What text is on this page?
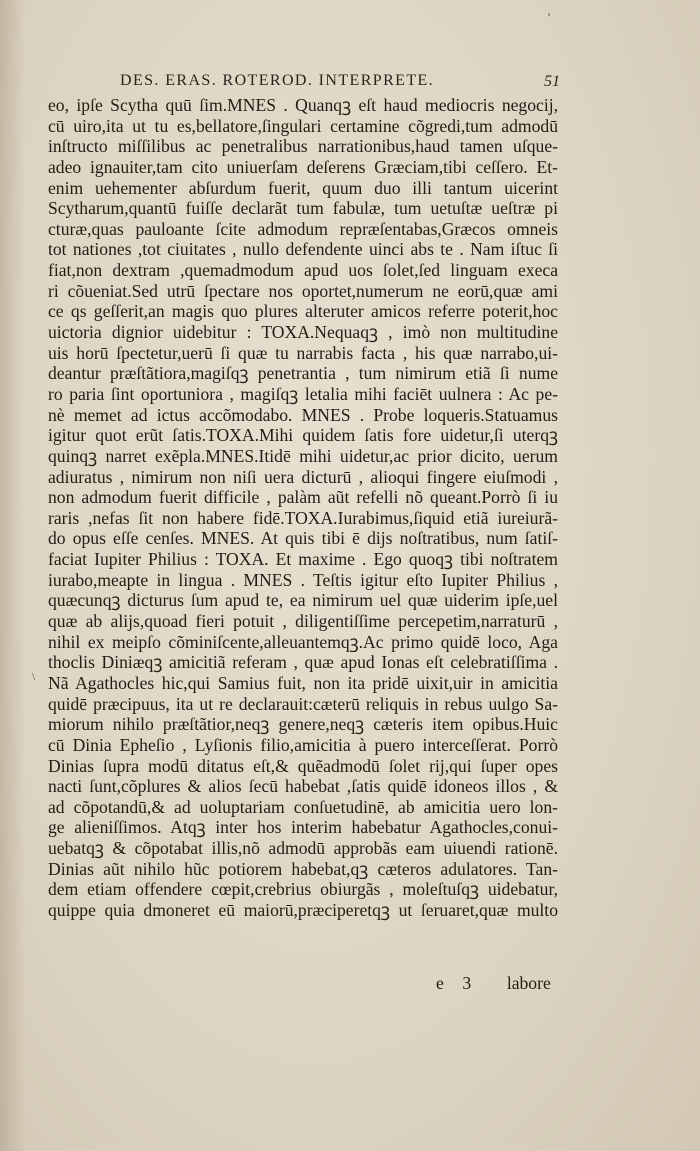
'
DES. ERAS. ROTEROD. INTERPRETE.	51
\
eo, ipſe Scytha quū ſim.MNES . Quanqꝫ eſt haud mediocris negocij,
cū uiro,ita ut tu es,bellatore,ſingulari certamine cõgredi,tum admodū
inſtructo miſſilibus ac penetralibus narrationibus,haud tamen uſque-
adeo ignauiter,tam cito uniuerſam deſerens Græciam,tibi ceſſero. Et-
enim uehementer abſurdum fuerit, quum duo illi tantum uicerint
Scytharum,quantū fuiſſe declarãt tum fabulæ, tum uetuſtæ ueſtræ pi
cturæ,quas pauloante ſcite admodum repræſentabas,Græcos omneis
tot nationes ,tot ciuitates , nullo defendente uinci abs te . Nam iſtuc ſi
fiat,non dextram ,quemadmodum apud uos ſolet,ſed linguam execa
ri cõueniat.Sed utrū ſpectare nos oportet,numerum ne eorū,quæ ami
ce qs geſſerit,an magis quo plures alteruter amicos referre poterit,hoc
uictoria dignior uidebitur : TOXA.Nequaqꝫ , imò non multitudine
uis horū ſpectetur,uerū ſi quæ tu narrabis facta , his quæ narrabo,ui-
deantur præſtãtiora,magiſqꝫ penetrantia , tum nimirum etiã ſi nume
ro paria ſint oportuniora , magiſqꝫ letalia mihi faciēt uulnera : Ac pe-
nè memet ad ictus accõmodabo. MNES . Probe loqueris.Statuamus
igitur quot erũt ſatis.TOXA.Mihi quidem ſatis fore uidetur,ſi uterqꝫ
quinqꝫ narret exẽpla.MNES.Itidē mihi uidetur,ac prior dicito, uerum
adiuratus , nimirum non niſi uera dicturū , alioqui fingere eiuſmodi ,
non admodum fuerit difficile , palàm aũt refelli nõ queant.Porrò ſi iu
raris ,nefas ſit non habere fidē.TOXA.Iurabimus,ſiquid etiã iureiurã-
do opus eſſe cenſes. MNES. At quis tibi ē dijs noſtratibus, num ſatiſ-
faciat Iupiter Philius : TOXA. Et maxime . Ego quoqꝫ tibi noſtratem
iurabo,meapte in lingua . MNES . Teſtis igitur eſto Iupiter Philius ,
quæcunqꝫ dicturus ſum apud te, ea nimirum uel quæ uiderim ipſe,uel
quæ ab alijs,quoad fieri potuit , diligentiſſime percepetim,narraturū ,
nihil ex meipſo cõminiſcente,alleuantemqꝫ.Ac primo quidē loco, Aga
thoclis Diniæqꝫ amicitiã referam , quæ apud Ionas eſt celebratiſſima .
Nã Agathocles hic,qui Samius fuit, non ita pridē uixit,uir in amicitia
quidē præcipuus, ita ut re declarauit:cæterū reliquis in rebus uulgo Sa-
miorum nihilo præſtãtior,neqꝫ genere,neqꝫ cæteris item opibus.Huic
cū Dinia Epheſio , Lyſionis filio,amicitia à puero interceſſerat. Porrò
Dinias ſupra modū ditatus eſt,& quẽadmodū ſolet rĳ,qui ſuper opes
nacti ſunt,cõplures & alios ſecū habebat ,ſatis quidē idoneos illos , &
ad cõpotandū,& ad uoluptariam conſuetudinē, ab amicitia uero lon-
ge alieniſſimos. Atqꝫ inter hos interim habebatur Agathocles,conui-
uebatqꝫ & cõpotabat illis,nõ admodū approbãs eam uiuendi rationē.
Dinias aũt nihilo hũc potiorem habebat,qꝫ cæteros adulatores. Tan-
dem etiam offendere cœpit,crebrius obiurgãs , moleſtuſqꝫ uidebatur,
quippe quia dmoneret eū maiorū,præciperetqꝫ ut ſeruaret,quæ multo
e 3 labore
